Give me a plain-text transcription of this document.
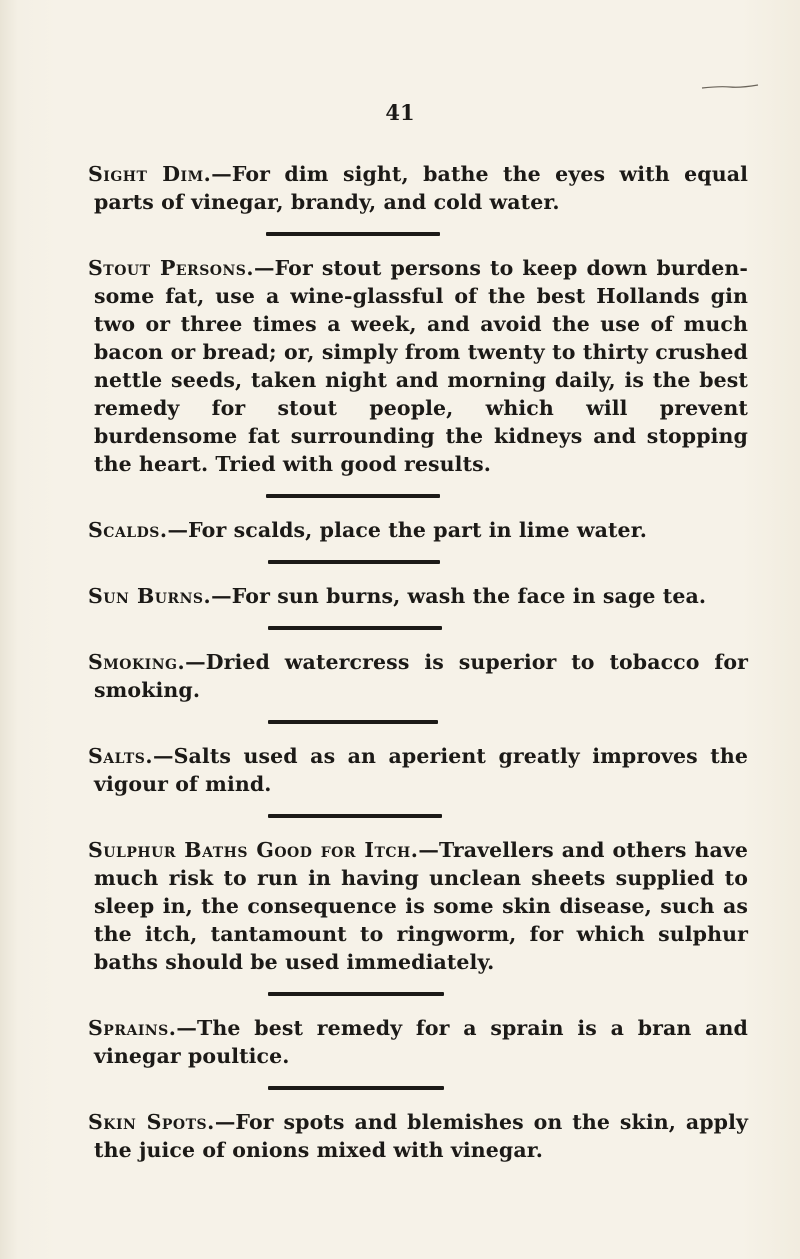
41

Sight Dim.—For dim sight, bathe the eyes with equal parts of vinegar, brandy, and cold water.

Stout Persons.—For stout persons to keep down burden-some fat, use a wine-glassful of the best Hollands gin two or three times a week, and avoid the use of much bacon or bread; or, simply from twenty to thirty crushed nettle seeds, taken night and morning daily, is the best remedy for stout people, which will prevent burdensome fat surrounding the kidneys and stopping the heart. Tried with good results.

Scalds.—For scalds, place the part in lime water.

Sun Burns.—For sun burns, wash the face in sage tea.

Smoking.—Dried watercress is superior to tobacco for smoking.

Salts.—Salts used as an aperient greatly improves the vigour of mind.

Sulphur Baths Good for Itch.—Travellers and others have much risk to run in having unclean sheets supplied to sleep in, the consequence is some skin disease, such as the itch, tantamount to ringworm, for which sulphur baths should be used immediately.

Sprains.—The best remedy for a sprain is a bran and vinegar poultice.

Skin Spots.—For spots and blemishes on the skin, apply the juice of onions mixed with vinegar.
